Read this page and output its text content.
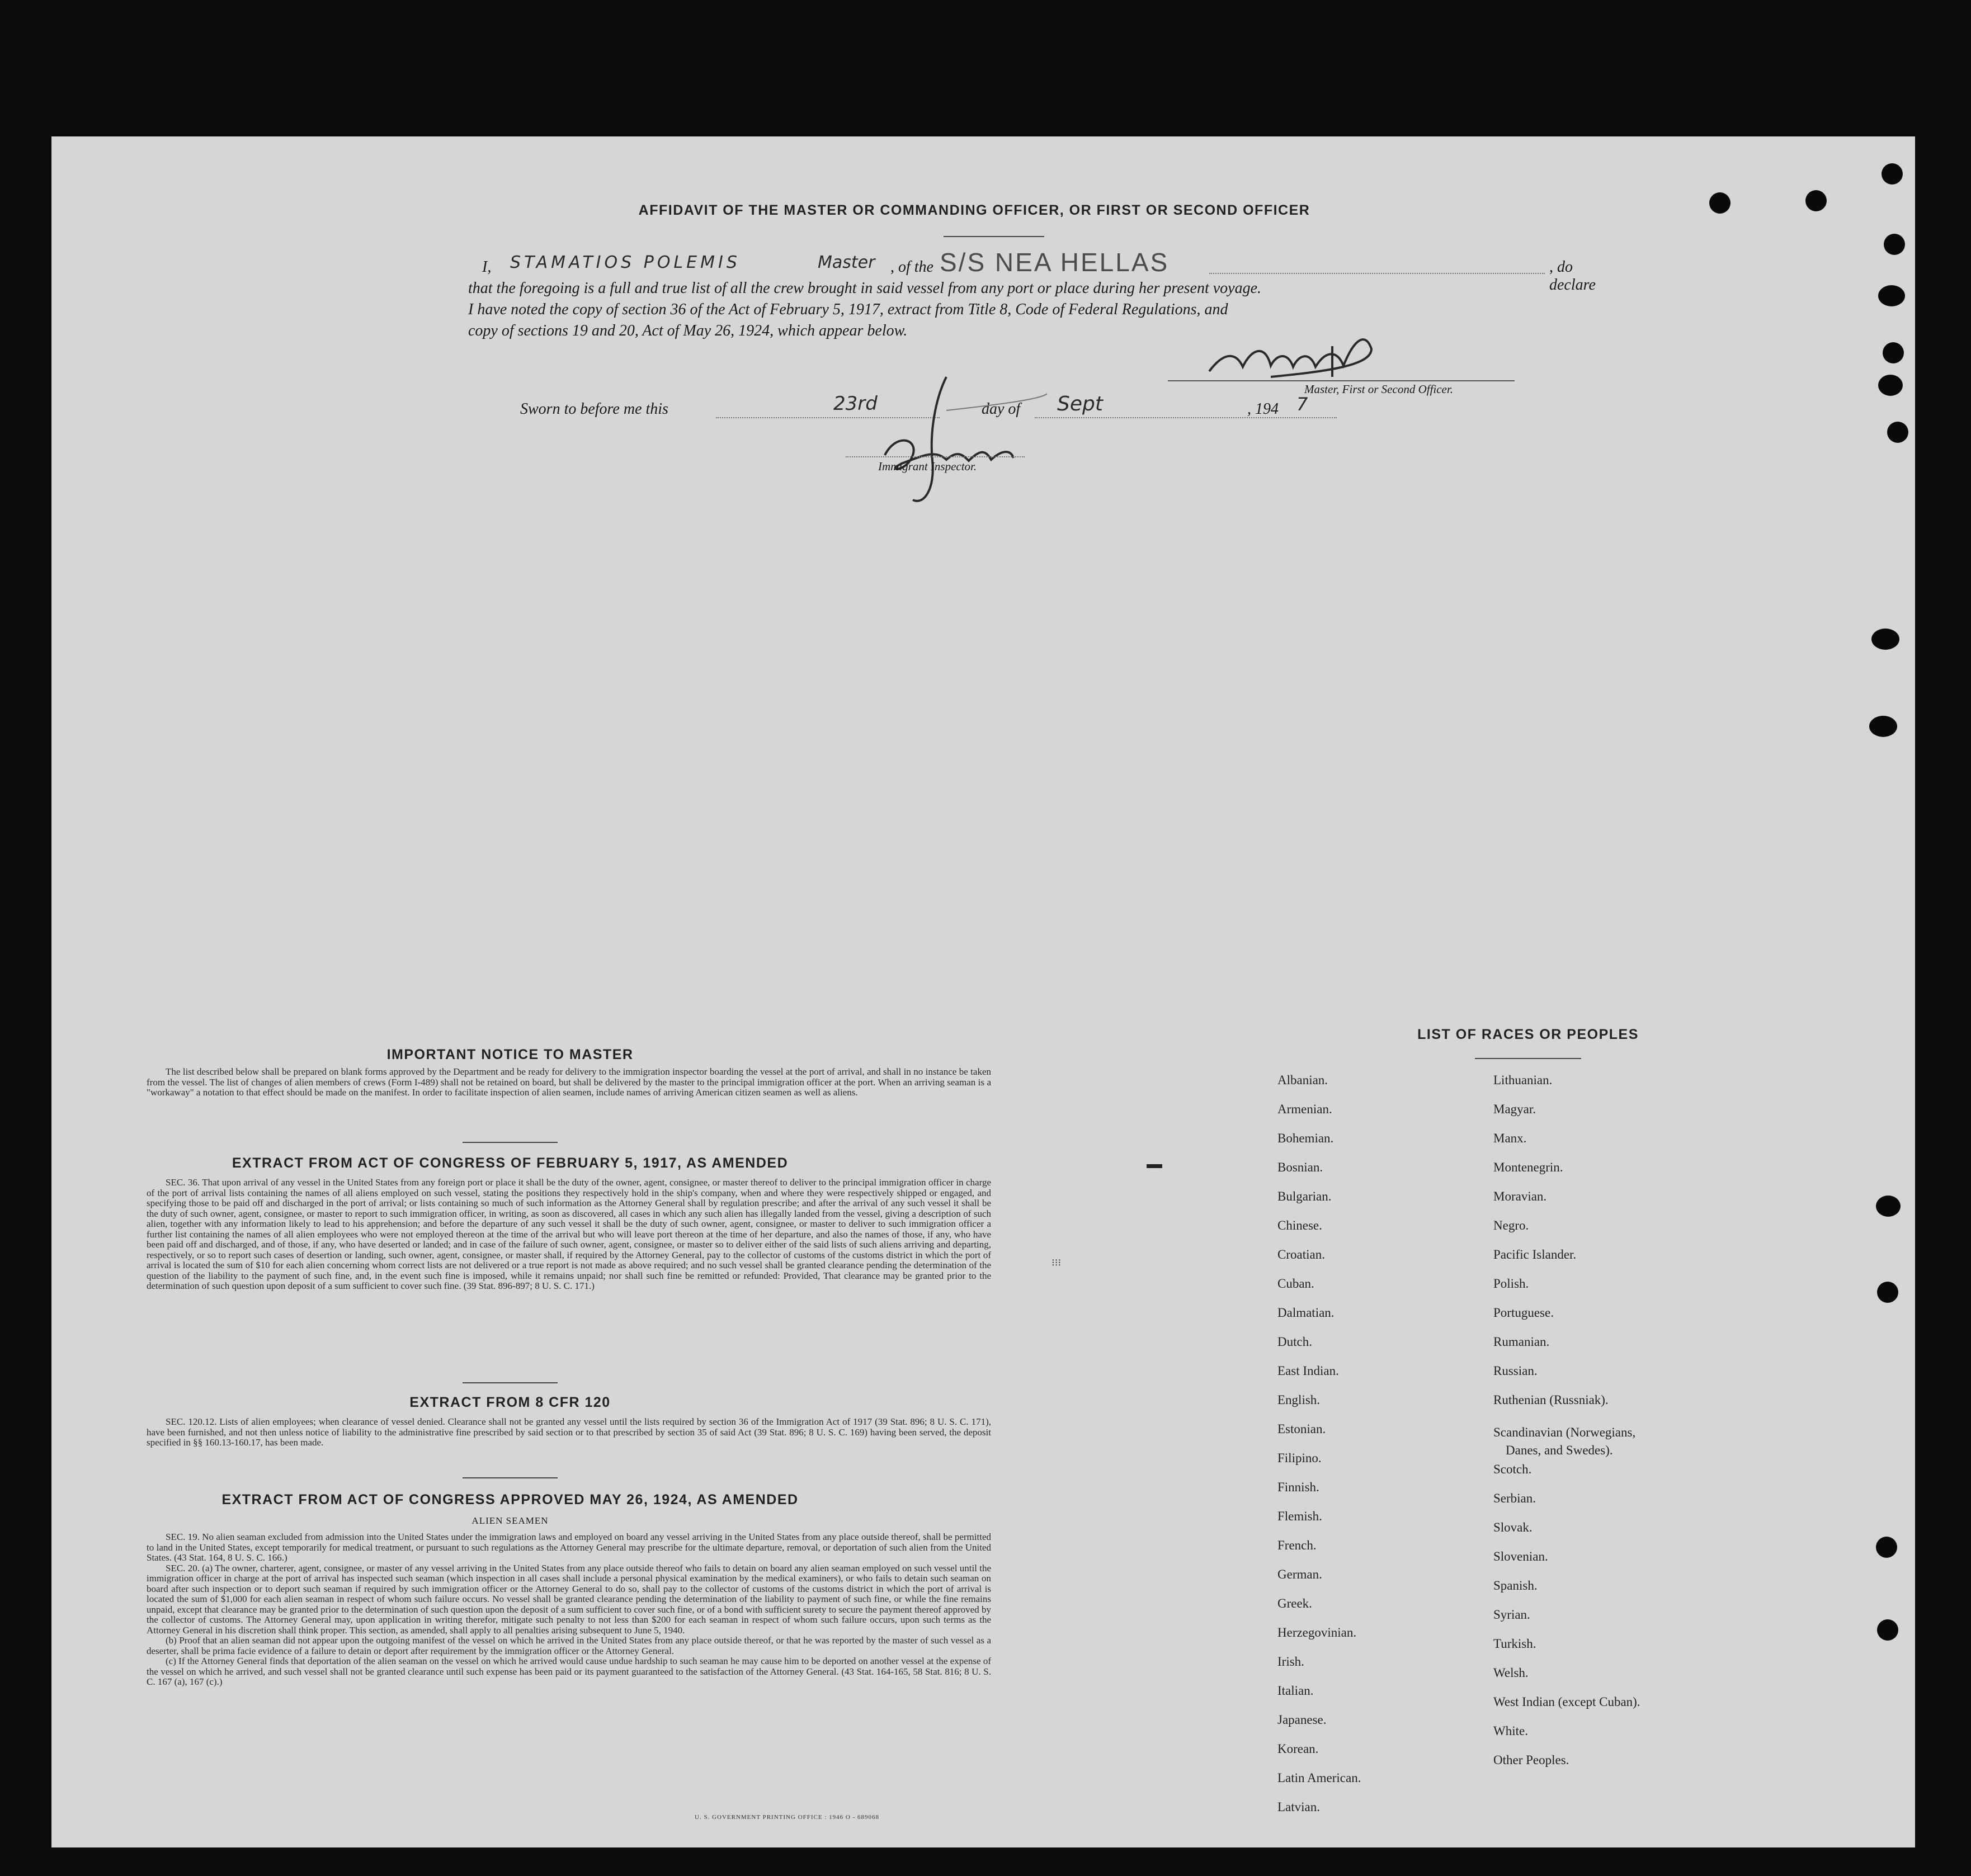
AFFIDAVIT OF THE MASTER OR COMMANDING OFFICER, OR FIRST OR SECOND OFFICER
I, STAMATIOS POLEMIS	Master , of the S/S NEA HELLAS	, do declare
that the foregoing is a full and true list of all the crew brought in said vessel from any port or place during her present voyage.
I have noted the copy of section 36 of the Act of February 5, 1917, extract from Title 8, Code of Federal Regulations, and
copy of sections 19 and 20, Act of May 26, 1924, which appear below.
Master, First or Second Officer.
Sworn to before me this	23rd	day of Sept	, 194 7
Immigrant Inspector.
IMPORTANT NOTICE TO MASTER
The list described below shall be prepared on blank forms approved by the Department and be ready for delivery to the immigration inspector boarding the vessel at the port of arrival, and shall in no instance be taken from the vessel. The list of changes of alien members of crews (Form I-489) shall not be retained on board, but shall be delivered by the master to the principal immigration officer at the port. When an arriving seaman is a "workaway" a notation to that effect should be made on the manifest. In order to facilitate inspection of alien seamen, include names of arriving American citizen seamen as well as aliens.
EXTRACT FROM ACT OF CONGRESS OF FEBRUARY 5, 1917, AS AMENDED
SEC. 36. That upon arrival of any vessel in the United States from any foreign port or place it shall be the duty of the owner, agent, consignee, or master thereof to deliver to the principal immigration officer in charge of the port of arrival lists containing the names of all aliens employed on such vessel, stating the positions they respectively hold in the ship's company, when and where they were respectively shipped or engaged, and specifying those to be paid off and discharged in the port of arrival; or lists containing so much of such information as the Attorney General shall by regulation prescribe; and after the arrival of any such vessel it shall be the duty of such owner, agent, consignee, or master to report to such immigration officer, in writing, as soon as discovered, all cases in which any such alien has illegally landed from the vessel, giving a description of such alien, together with any information likely to lead to his apprehension; and before the departure of any such vessel it shall be the duty of such owner, agent, consignee, or master to deliver to such immigration officer a further list containing the names of all alien employees who were not employed thereon at the time of the arrival but who will leave port thereon at the time of her departure, and also the names of those, if any, who have been paid off and discharged, and of those, if any, who have deserted or landed; and in case of the failure of such owner, agent, consignee, or master so to deliver either of the said lists of such aliens arriving and departing, respectively, or so to report such cases of desertion or landing, such owner, agent, consignee, or master shall, if required by the Attorney General, pay to the collector of customs of the customs district in which the port of arrival is located the sum of $10 for each alien concerning whom correct lists are not delivered or a true report is not made as above required; and no such vessel shall be granted clearance pending the determination of the question of the liability to the payment of such fine, and, in the event such fine is imposed, while it remains unpaid; nor shall such fine be remitted or refunded: Provided, That clearance may be granted prior to the determination of such question upon deposit of a sum sufficient to cover such fine. (39 Stat. 896-897; 8 U. S. C. 171.)
EXTRACT FROM 8 CFR 120
SEC. 120.12. Lists of alien employees; when clearance of vessel denied. Clearance shall not be granted any vessel until the lists required by section 36 of the Immigration Act of 1917 (39 Stat. 896; 8 U. S. C. 171), have been furnished, and not then unless notice of liability to the administrative fine prescribed by said section or to that prescribed by section 35 of said Act (39 Stat. 896; 8 U. S. C. 169) having been served, the deposit specified in §§ 160.13-160.17, has been made.
EXTRACT FROM ACT OF CONGRESS APPROVED MAY 26, 1924, AS AMENDED
ALIEN SEAMEN
SEC. 19. No alien seaman excluded from admission into the United States under the immigration laws and employed on board any vessel arriving in the United States from any place outside thereof, shall be permitted to land in the United States, except temporarily for medical treatment, or pursuant to such regulations as the Attorney General may prescribe for the ultimate departure, removal, or deportation of such alien from the United States. (43 Stat. 164, 8 U. S. C. 166.)
SEC. 20. (a) The owner, charterer, agent, consignee, or master of any vessel arriving in the United States from any place outside thereof who fails to detain on board any alien seaman employed on such vessel until the immigration officer in charge at the port of arrival has inspected such seaman (which inspection in all cases shall include a personal physical examination by the medical examiners), or who fails to detain such seaman on board after such inspection or to deport such seaman if required by such immigration officer or the Attorney General to do so, shall pay to the collector of customs of the customs district in which the port of arrival is located the sum of $1,000 for each alien seaman in respect of whom such failure occurs. No vessel shall be granted clearance pending the determination of the liability to payment of such fine, or while the fine remains unpaid, except that clearance may be granted prior to the determination of such question upon the deposit of a sum sufficient to cover such fine, or of a bond with sufficient surety to secure the payment thereof approved by the collector of customs. The Attorney General may, upon application in writing therefor, mitigate such penalty to not less than $200 for each seaman in respect of whom such failure occurs, upon such terms as the Attorney General in his discretion shall think proper. This section, as amended, shall apply to all penalties arising subsequent to June 5, 1940.
(b) Proof that an alien seaman did not appear upon the outgoing manifest of the vessel on which he arrived in the United States from any place outside thereof, or that he was reported by the master of such vessel as a deserter, shall be prima facie evidence of a failure to detain or deport after requirement by the immigration officer or the Attorney General.
(c) If the Attorney General finds that deportation of the alien seaman on the vessel on which he arrived would cause undue hardship to such seaman he may cause him to be deported on another vessel at the expense of the vessel on which he arrived, and such vessel shall not be granted clearance until such expense has been paid or its payment guaranteed to the satisfaction of the Attorney General. (43 Stat. 164-165, 58 Stat. 816; 8 U. S. C. 167 (a), 167 (c).)
U. S. GOVERNMENT PRINTING OFFICE : 1946 O - 689068
LIST OF RACES OR PEOPLES
Albanian.
Armenian.
Bohemian.
Bosnian.
Bulgarian.
Chinese.
Croatian.
Cuban.
Dalmatian.
Dutch.
East Indian.
English.
Estonian.
Filipino.
Finnish.
Flemish.
French.
German.
Greek.
Herzegovinian.
Irish.
Italian.
Japanese.
Korean.
Latin American.
Latvian.
Lithuanian.
Magyar.
Manx.
Montenegrin.
Moravian.
Negro.
Pacific Islander.
Polish.
Portuguese.
Rumanian.
Russian.
Ruthenian (Russniak).
Scandinavian (Norwegians,
Danes, and Swedes).
Scotch.
Serbian.
Slovak.
Slovenian.
Spanish.
Syrian.
Turkish.
Welsh.
West Indian (except Cuban).
White.
Other Peoples.
⁝⁝⁝
